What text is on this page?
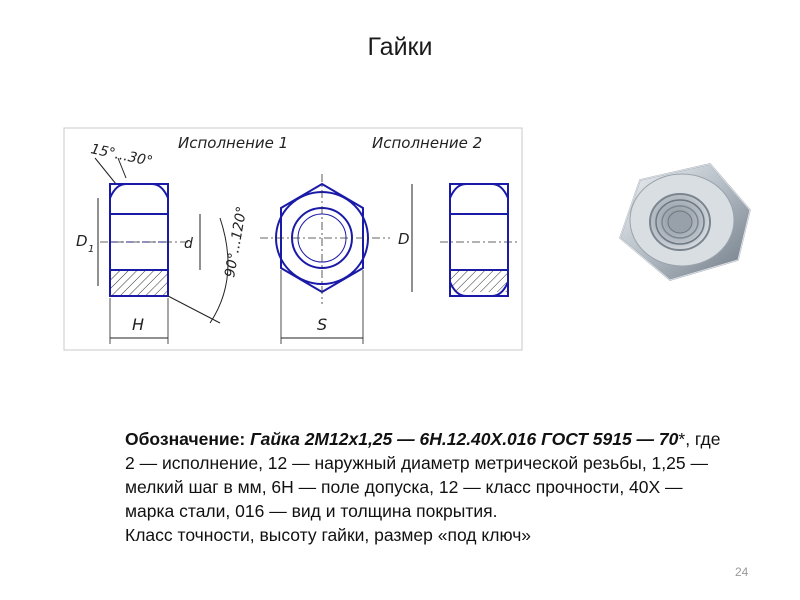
Гайки
Исполнение 1	Исполнение 2
15°...30°
D 1
H
d 90°...120°
S
D
Обозначение: Гайка 2М12х1,25 — 6Н.12.40Х.016 ГОСТ 5915 — 70*, где 2 — исполнение, 12 — наружный диаметр метрической резьбы, 1,25 — мелкий шаг в мм, 6Н — поле допуска, 12 — класс прочности, 40Х — марка стали, 016 — вид и толщина покрытия.
Класс точности, высоту гайки, размер «под ключ»
24
